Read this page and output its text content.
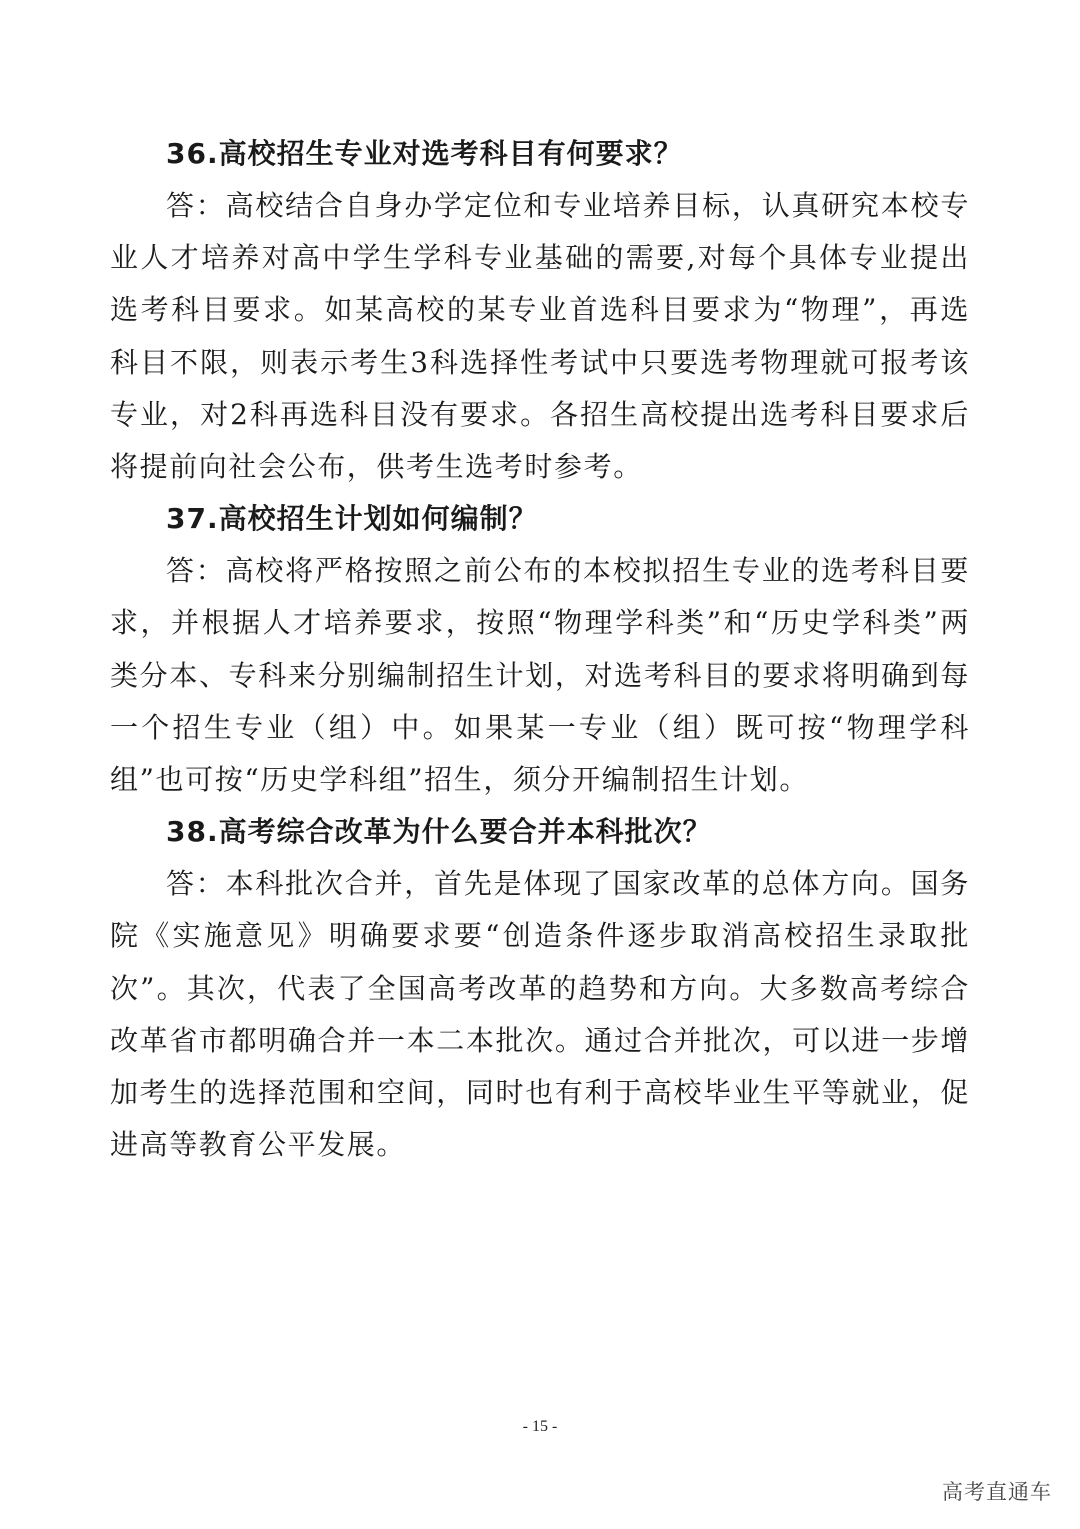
36.高校招生专业对选考科目有何要求？

答：高校结合自身办学定位和专业培养目标，认真研究本校专业人才培养对高中学生学科专业基础的需要,对每个具体专业提出选考科目要求。如某高校的某专业首选科目要求为“物理”，再选科目不限，则表示考生3科选择性考试中只要选考物理就可报考该专业，对2科再选科目没有要求。各招生高校提出选考科目要求后将提前向社会公布，供考生选考时参考。

37.高校招生计划如何编制？

答：高校将严格按照之前公布的本校拟招生专业的选考科目要求，并根据人才培养要求，按照“物理学科类”和“历史学科类”两类分本、专科来分别编制招生计划，对选考科目的要求将明确到每一个招生专业（组）中。如果某一专业（组）既可按“物理学科组”也可按“历史学科组”招生，须分开编制招生计划。

38.高考综合改革为什么要合并本科批次？

答：本科批次合并，首先是体现了国家改革的总体方向。国务院《实施意见》明确要求要“创造条件逐步取消高校招生录取批次”。其次，代表了全国高考改革的趋势和方向。大多数高考综合改革省市都明确合并一本二本批次。通过合并批次，可以进一步增加考生的选择范围和空间，同时也有利于高校毕业生平等就业，促进高等教育公平发展。

- 15 -
高考直通车
